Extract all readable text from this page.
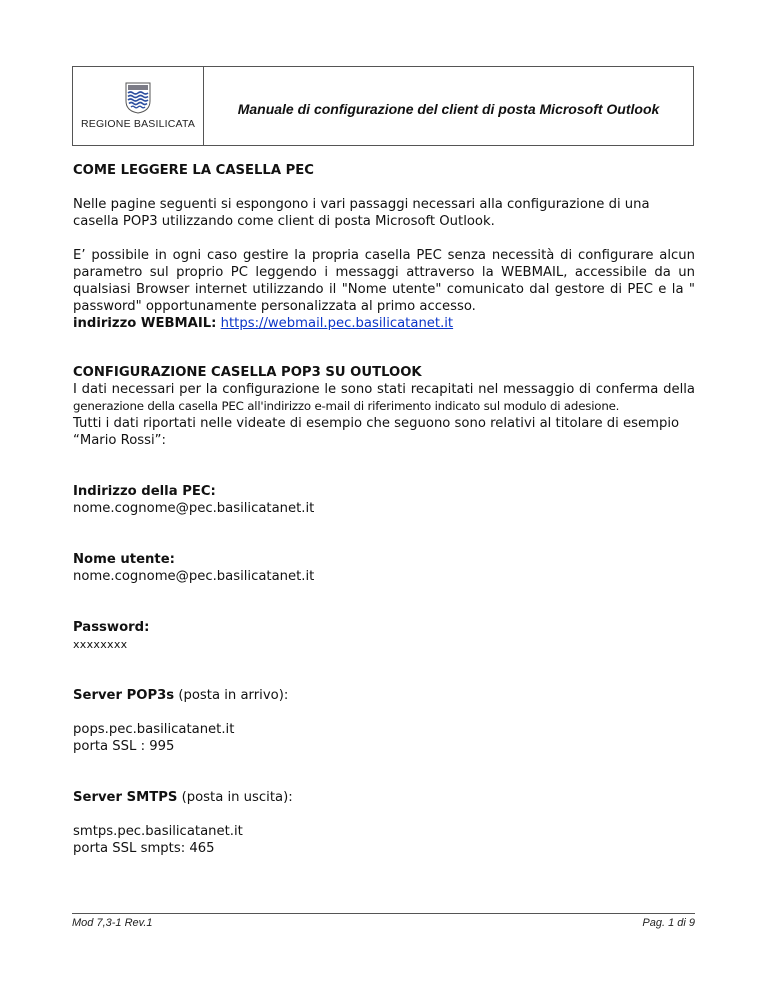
REGIONE BASILICATA
Manuale di configurazione del client di posta Microsoft Outlook

COME LEGGERE LA CASELLA PEC

Nelle pagine seguenti si espongono i vari passaggi necessari alla configurazione di una casella POP3 utilizzando come client di posta Microsoft Outlook.

E’ possibile in ogni caso gestire la propria casella PEC senza necessità di configurare alcun parametro sul proprio PC leggendo i messaggi attraverso la WEBMAIL, accessibile da un qualsiasi Browser internet utilizzando il "Nome utente" comunicato dal gestore di PEC e la " password" opportunamente personalizzata al primo accesso.

indirizzo WEBMAIL: https://webmail.pec.basilicatanet.it

CONFIGURAZIONE CASELLA POP3 SU OUTLOOK

I dati necessari per la configurazione le sono stati recapitati nel messaggio di conferma della

generazione della casella PEC all'indirizzo e-mail di riferimento indicato sul modulo di adesione.

Tutti i dati riportati nelle videate di esempio che seguono sono relativi al titolare di esempio “Mario Rossi”:

Indirizzo della PEC:

nome.cognome@pec.basilicatanet.it

Nome utente:

nome.cognome@pec.basilicatanet.it

Password:

xxxxxxxx

Server POP3s (posta in arrivo):

pops.pec.basilicatanet.it

porta SSL : 995

Server SMTPS (posta in uscita):

smtps.pec.basilicatanet.it

porta SSL smpts: 465

Mod 7,3-1 Rev.1	Pag. 1 di 9
